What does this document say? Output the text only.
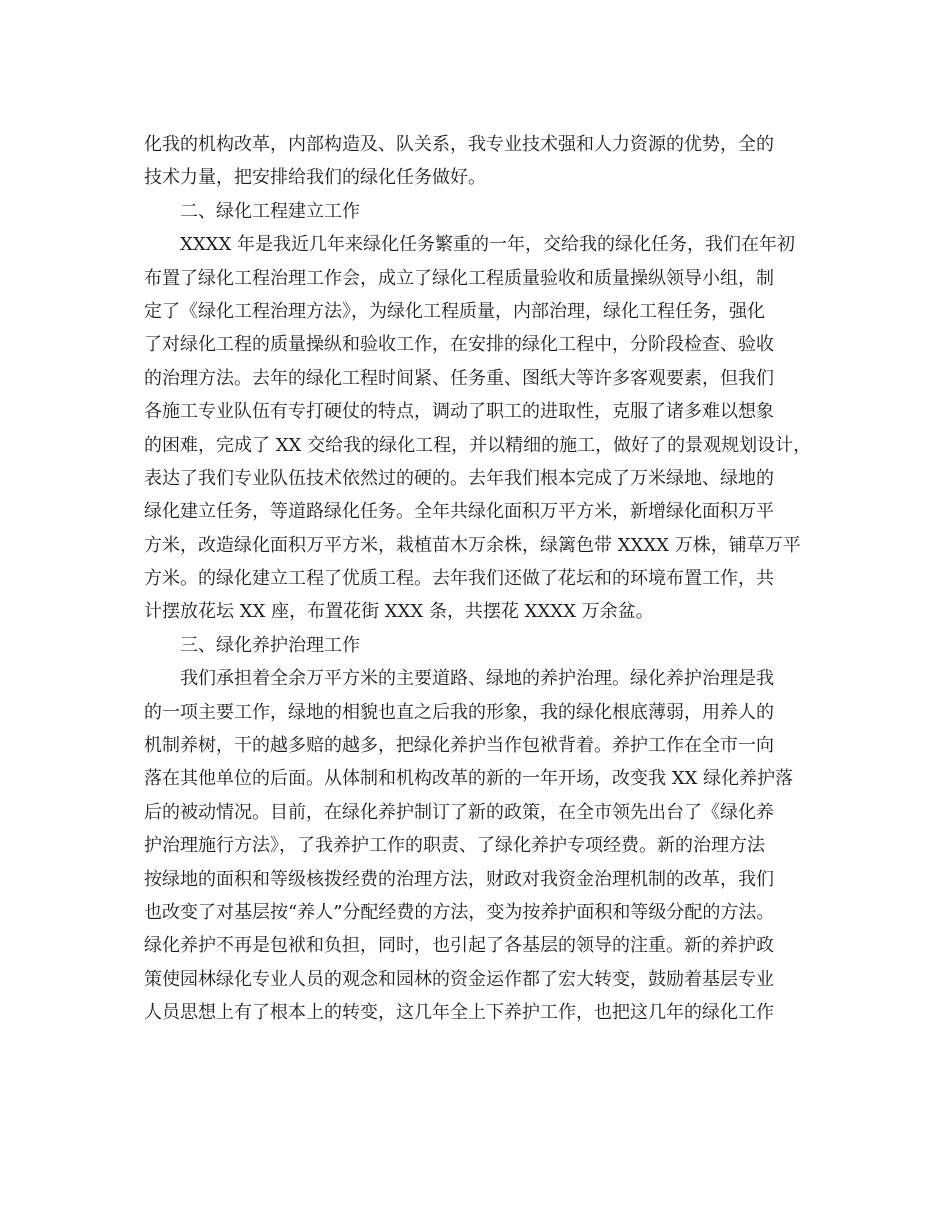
化我的机构改革，内部构造及、队关系，我专业技术强和人力资源的优势，全的
技术力量，把安排给我们的绿化任务做好。
二、绿化工程建立工作
XXXX 年是我近几年来绿化任务繁重的一年，交给我的绿化任务，我们在年初
布置了绿化工程治理工作会，成立了绿化工程质量验收和质量操纵领导小组，制
定了《绿化工程治理方法》，为绿化工程质量，内部治理，绿化工程任务，强化
了对绿化工程的质量操纵和验收工作，在安排的绿化工程中，分阶段检查、验收
的治理方法。去年的绿化工程时间紧、任务重、图纸大等许多客观要素，但我们
各施工专业队伍有专打硬仗的特点，调动了职工的进取性，克服了诸多难以想象
的困难，完成了 XX 交给我的绿化工程，并以精细的施工，做好了的景观规划设计，
表达了我们专业队伍技术依然过的硬的。去年我们根本完成了万米绿地、绿地的
绿化建立任务，等道路绿化任务。全年共绿化面积万平方米，新增绿化面积万平
方米，改造绿化面积万平方米，栽植苗木万余株，绿篱色带 XXXX 万株，铺草万平
方米。的绿化建立工程了优质工程。去年我们还做了花坛和的环境布置工作，共
计摆放花坛 XX 座，布置花街 XXX 条，共摆花 XXXX 万余盆。
三、绿化养护治理工作
我们承担着全余万平方米的主要道路、绿地的养护治理。绿化养护治理是我
的一项主要工作，绿地的相貌也直之后我的形象，我的绿化根底薄弱，用养人的
机制养树，干的越多赔的越多，把绿化养护当作包袱背着。养护工作在全市一向
落在其他单位的后面。从体制和机构改革的新的一年开场，改变我 XX 绿化养护落
后的被动情况。目前，在绿化养护制订了新的政策，在全市领先出台了《绿化养
护治理施行方法》，了我养护工作的职责、了绿化养护专项经费。新的治理方法
按绿地的面积和等级核拨经费的治理方法，财政对我资金治理机制的改革，我们
也改变了对基层按“养人”分配经费的方法，变为按养护面积和等级分配的方法。
绿化养护不再是包袱和负担，同时，也引起了各基层的领导的注重。新的养护政
策使园林绿化专业人员的观念和园林的资金运作都了宏大转变，鼓励着基层专业
人员思想上有了根本上的转变，这几年全上下养护工作，也把这几年的绿化工作
